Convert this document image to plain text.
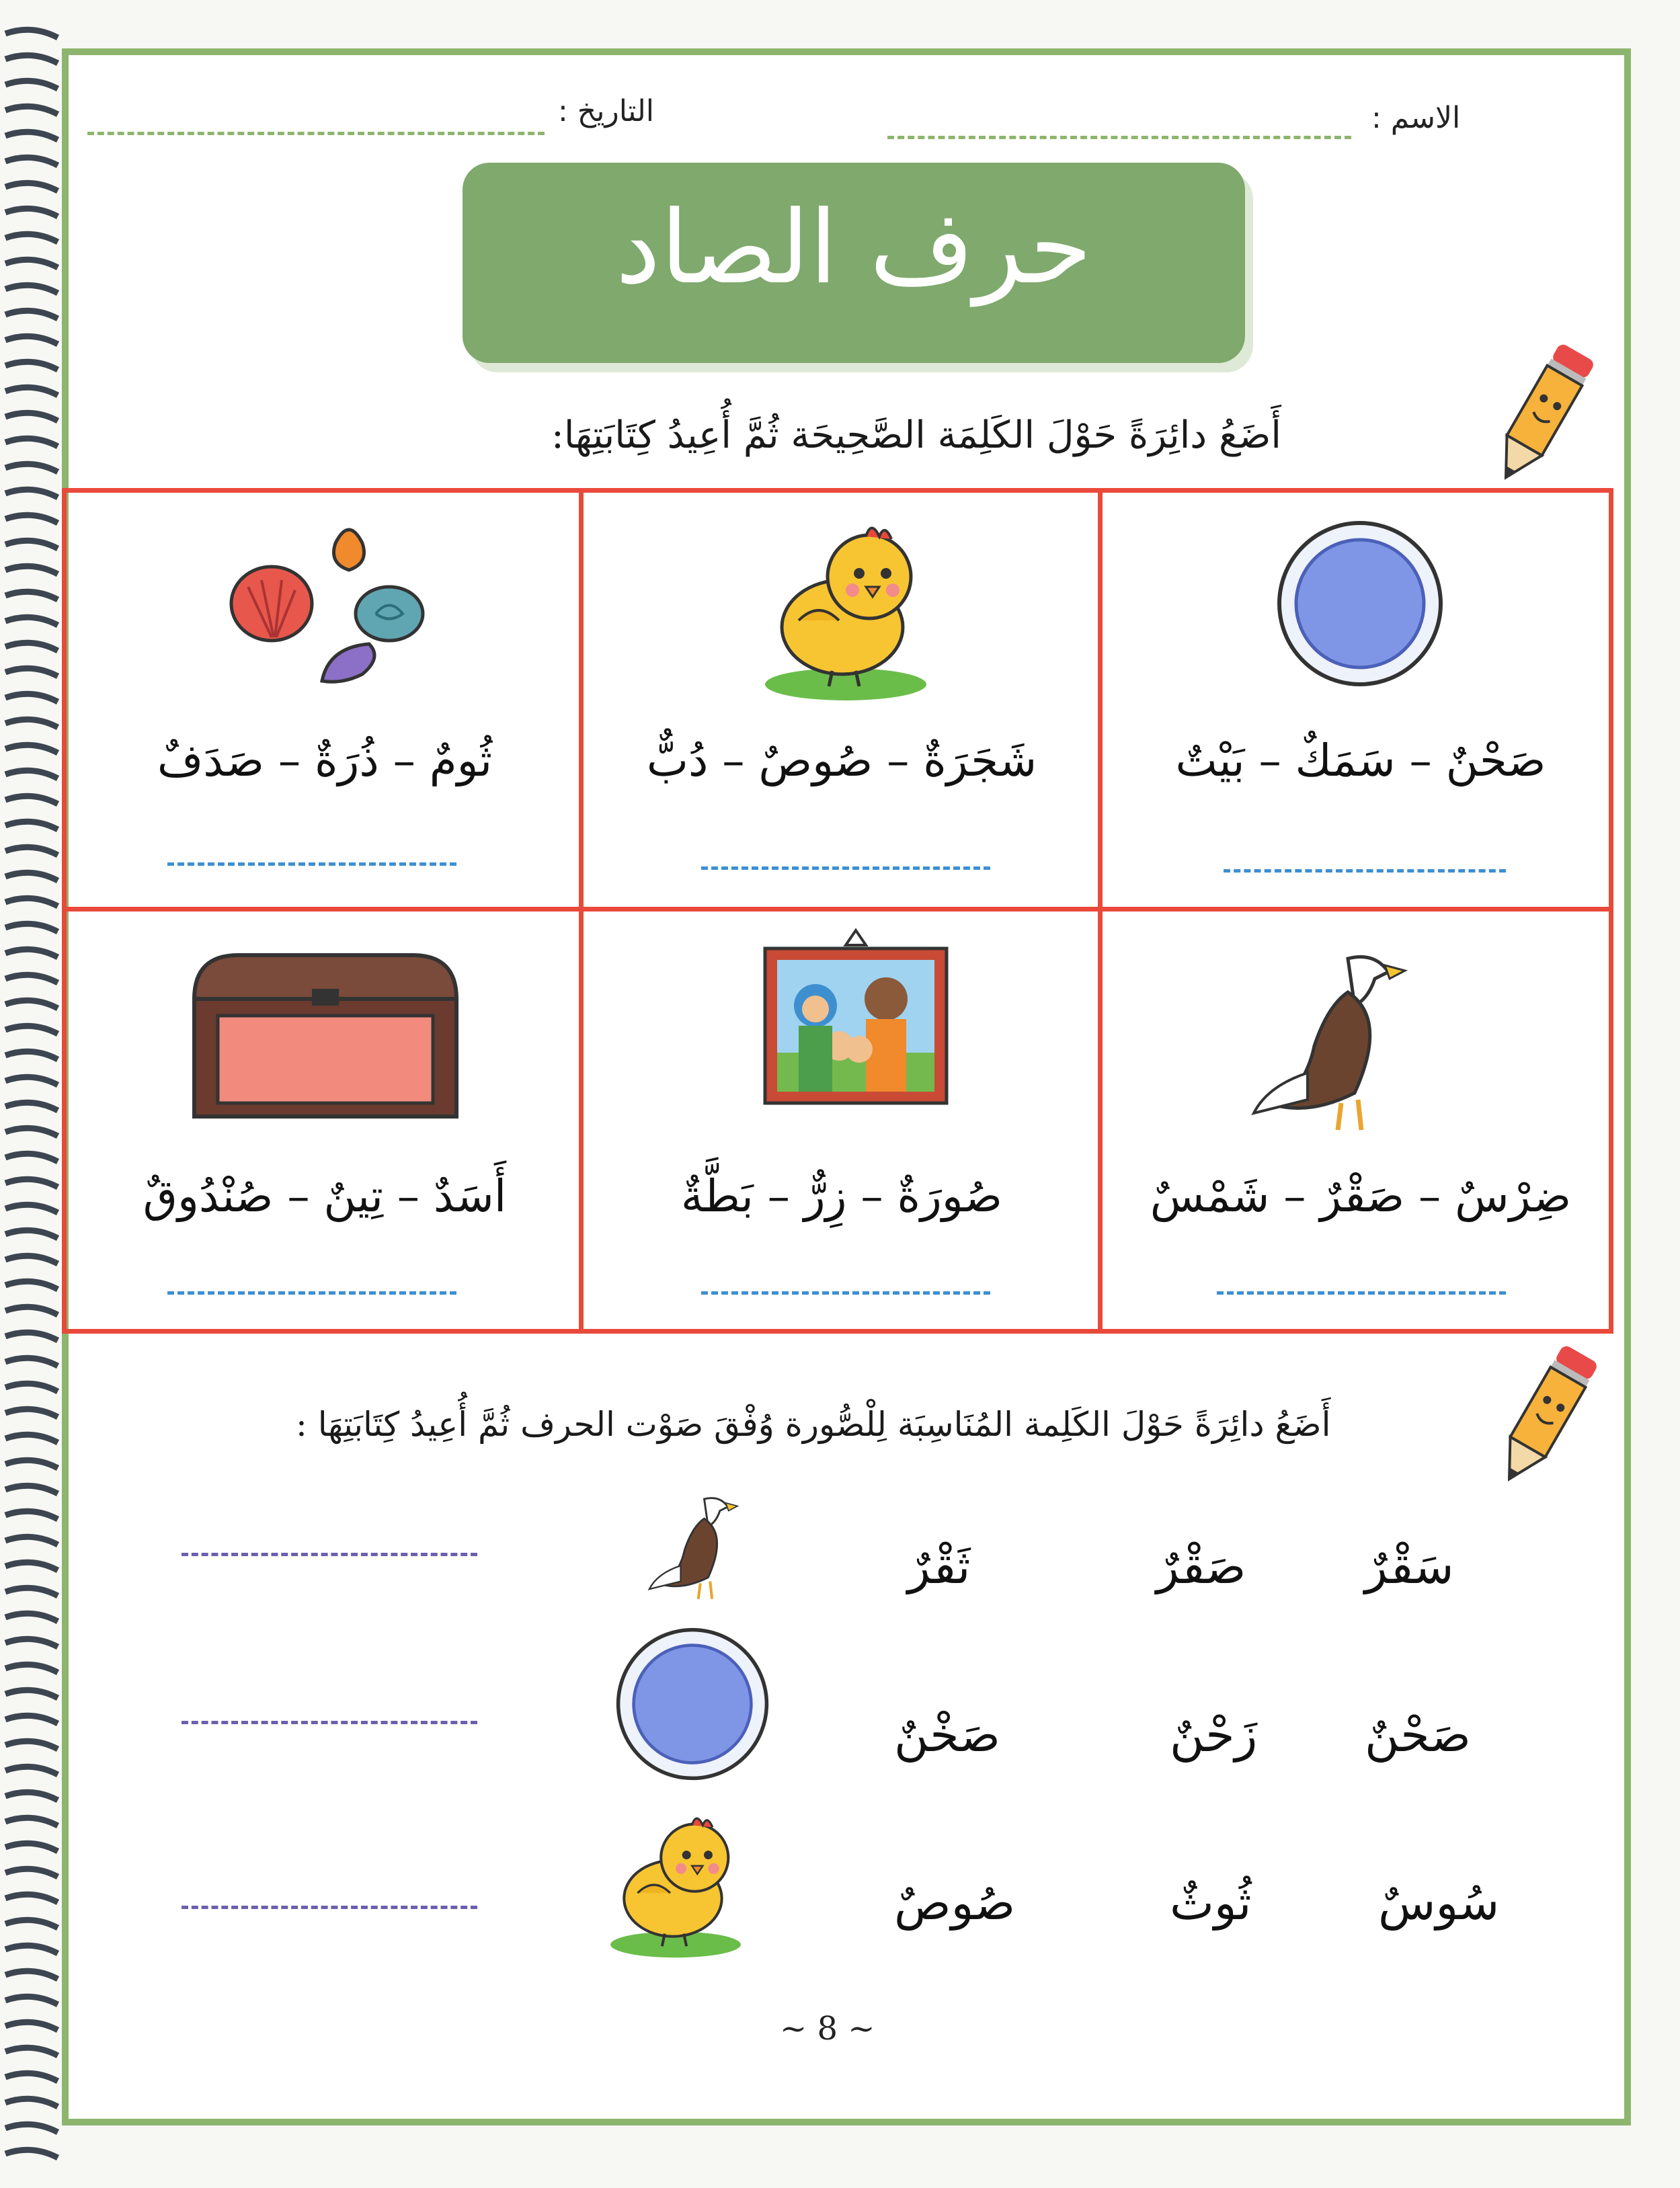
الاسم :
التاريخ :
حرف الصاد
أَضَعُ دائِرَةً حَوْلَ الكَلِمَة الصَّحِيحَة ثُمَّ أُعِيدُ كِتَابَتِهَا:
صَحْنٌ – سَمَكٌ – بَيْتٌ
شَجَرَةٌ – صُوصٌ – دُبٌّ
ثُومٌ – ذُرَةٌ – صَدَفٌ
ضِرْسٌ – صَقْرٌ – شَمْسٌ
صُورَةٌ – زِرٌّ – بَطَّةٌ
أَسَدٌ – تِينٌ – صُنْدُوقٌ
أَضَعُ دائِرَةً حَوْلَ الكَلِمة المُنَاسِبَة لِلْصُّورة وُفْقَ صَوْت الحرف ثُمَّ أُعِيدُ كِتَابَتِهَا :
سَقْرٌ
صَقْرٌ
ثَقْرٌ
صَحْنٌ
زَحْنٌ
صَخْنٌ
سُوسٌ
ثُوثٌ
صُوصٌ
~ 8 ~
